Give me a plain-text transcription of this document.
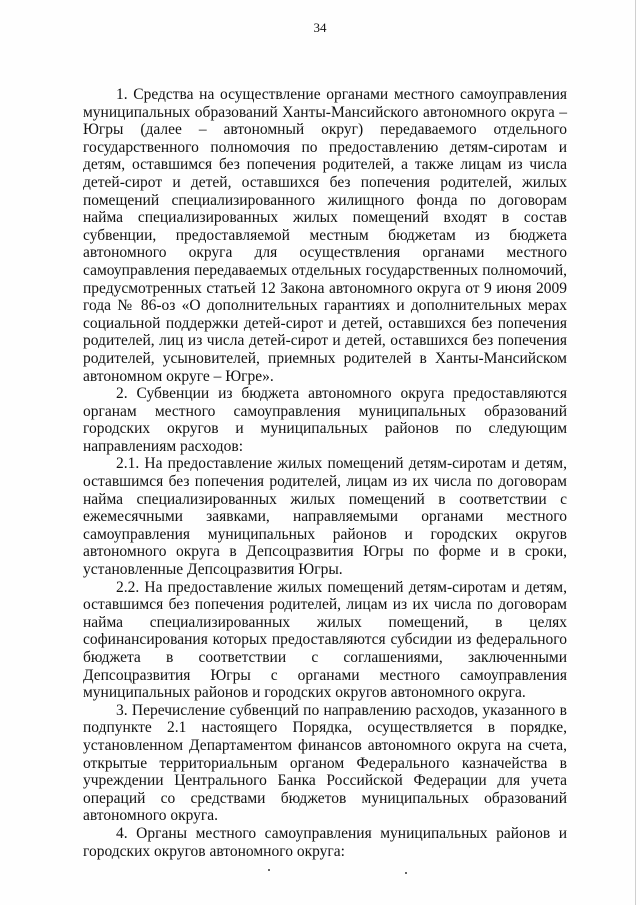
34

1. Средства на осуществление органами местного самоуправления муниципальных образований Ханты-Мансийского автономного округа – Югры (далее – автономный округ) передаваемого отдельного государственного полномочия по предоставлению детям-сиротам и детям, оставшимся без попечения родителей, а также лицам из числа детей-сирот и детей, оставшихся без попечения родителей, жилых помещений специализированного жилищного фонда по договорам найма специализированных жилых помещений входят в состав субвенции, предоставляемой местным бюджетам из бюджета автономного округа для осуществления органами местного самоуправления передаваемых отдельных государственных полномочий, предусмотренных статьей 12 Закона автономного округа от 9 июня 2009 года № 86-оз «О дополнительных гарантиях и дополнительных мерах социальной поддержки детей-сирот и детей, оставшихся без попечения родителей, лиц из числа детей-сирот и детей, оставшихся без попечения родителей, усыновителей, приемных родителей в Ханты-Мансийском автономном округе – Югре».

2. Субвенции из бюджета автономного округа предоставляются органам местного самоуправления муниципальных образований городских округов и муниципальных районов по следующим направлениям расходов:

2.1. На предоставление жилых помещений детям-сиротам и детям, оставшимся без попечения родителей, лицам из их числа по договорам найма специализированных жилых помещений в соответствии с ежемесячными заявками, направляемыми органами местного самоуправления муниципальных районов и городских округов автономного округа в Депсоцразвития Югры по форме и в сроки, установленные Депсоцразвития Югры.

2.2. На предоставление жилых помещений детям-сиротам и детям, оставшимся без попечения родителей, лицам из их числа по договорам найма специализированных жилых помещений, в целях софинансирования которых предоставляются субсидии из федерального бюджета в соответствии с соглашениями, заключенными Депсоцразвития Югры с органами местного самоуправления муниципальных районов и городских округов автономного округа.

3. Перечисление субвенций по направлению расходов, указанного в подпункте 2.1 настоящего Порядка, осуществляется в порядке, установленном Департаментом финансов автономного округа на счета, открытые территориальным органом Федерального казначейства в учреждении Центрального Банка Российской Федерации для учета операций со средствами бюджетов муниципальных образований автономного округа.

4. Органы местного самоуправления муниципальных районов и городских округов автономного округа:
